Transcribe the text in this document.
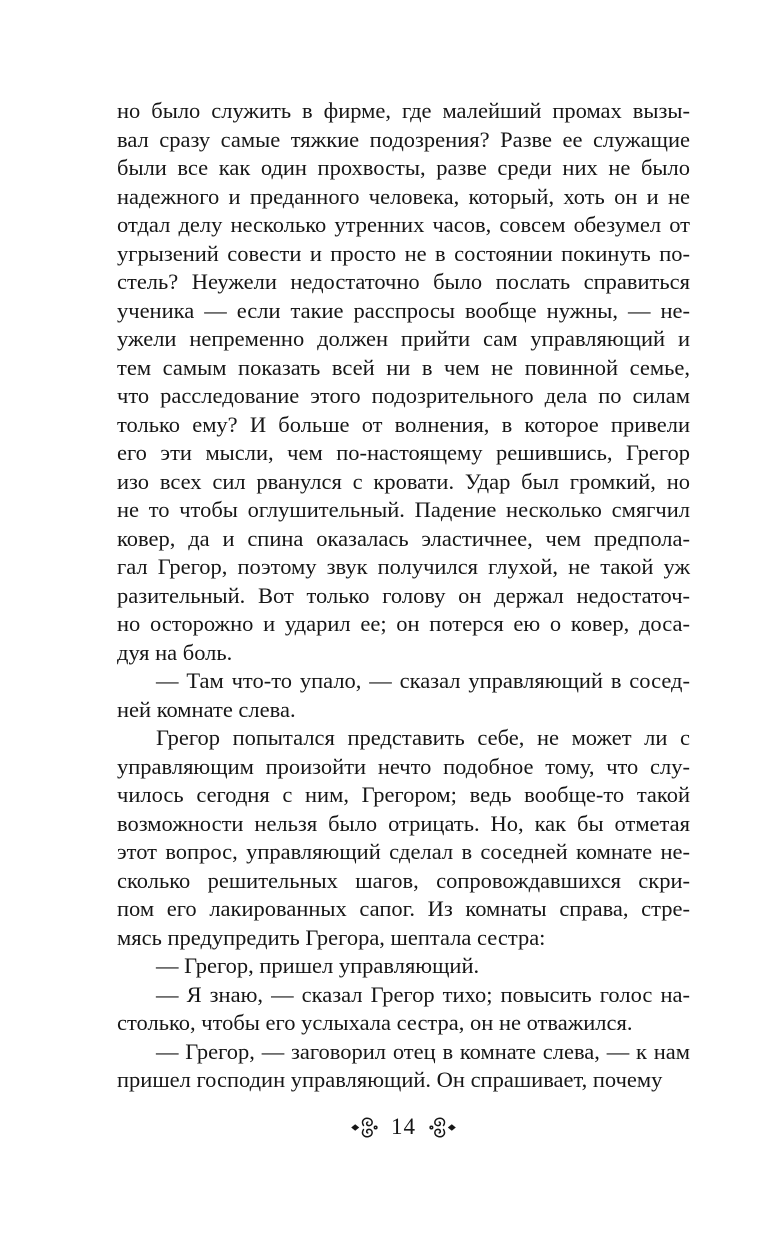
но было служить в фирме, где малейший промах вызы-
вал сразу самые тяжкие подозрения? Разве ее служащие
были все как один прохвосты, разве среди них не было
надежного и преданного человека, который, хоть он и не
отдал делу несколько утренних часов, совсем обезумел от
угрызений совести и просто не в состоянии покинуть по-
стель? Неужели недостаточно было послать справиться
ученика — если такие расспросы вообще нужны, — не-
ужели непременно должен прийти сам управляющий и
тем самым показать всей ни в чем не повинной семье,
что расследование этого подозрительного дела по силам
только ему? И больше от волнения, в которое привели
его эти мысли, чем по-настоящему решившись, Грегор
изо всех сил рванулся с кровати. Удар был громкий, но
не то чтобы оглушительный. Падение несколько смягчил
ковер, да и спина оказалась эластичнее, чем предпола-
гал Грегор, поэтому звук получился глухой, не такой уж
разительный. Вот только голову он держал недостаточ-
но осторожно и ударил ее; он потерся ею о ковер, доса-
дуя на боль.
— Там что-то упало, — сказал управляющий в сосед-
ней комнате слева.
Грегор попытался представить себе, не может ли с
управляющим произойти нечто подобное тому, что слу-
чилось сегодня с ним, Грегором; ведь вообще-то такой
возможности нельзя было отрицать. Но, как бы отметая
этот вопрос, управляющий сделал в соседней комнате не-
сколько решительных шагов, сопровождавшихся скри-
пом его лакированных сапог. Из комнаты справа, стре-
мясь предупредить Грегора, шептала сестра:
— Грегор, пришел управляющий.
— Я знаю, — сказал Грегор тихо; повысить голос на-
столько, чтобы его услыхала сестра, он не отважился.
— Грегор, — заговорил отец в комнате слева, — к нам
пришел господин управляющий. Он спрашивает, почему
14
